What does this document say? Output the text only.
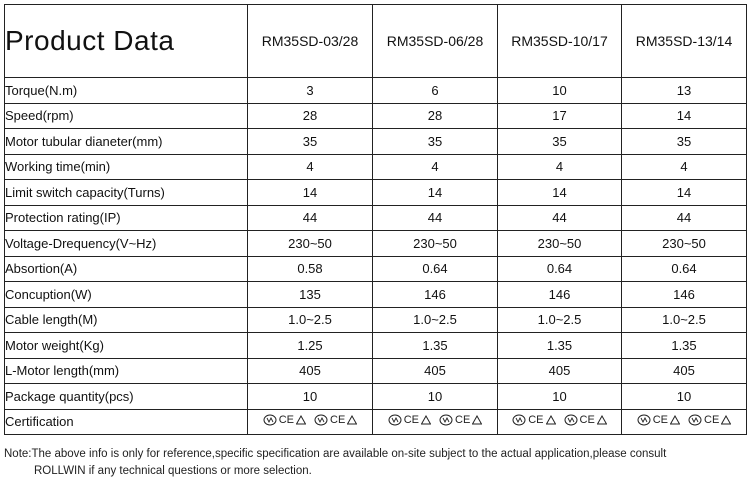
Product Data	RM35SD-03/28	RM35SD-06/28	RM35SD-10/17	RM35SD-13/14
Torque(N.m)	3	6	10	13
Speed(rpm)	28	28	17	14
Motor tubular dianeter(mm)	35	35	35	35
Working time(min)	4	4	4	4
Limit switch capacity(Turns)	14	14	14	14
Protection rating(IP)	44	44	44	44
Voltage-Drequency(V~Hz)	230~50	230~50	230~50	230~50
Absortion(A)	0.58	0.64	0.64	0.64
Concuption(W)	135	146	146	146
Cable length(M)	1.0~2.5	1.0~2.5	1.0~2.5	1.0~2.5
Motor weight(Kg)	1.25	1.35	1.35	1.35
L-Motor length(mm)	405	405	405	405
Package quantity(pcs)	10	10	10	10
Certification	CE CE	CE CE	CE CE	CE CE
Note:The above info is only for reference,specific specification are available on-site subject to the actual application,please consult
ROLLWIN if any technical questions or more selection.
